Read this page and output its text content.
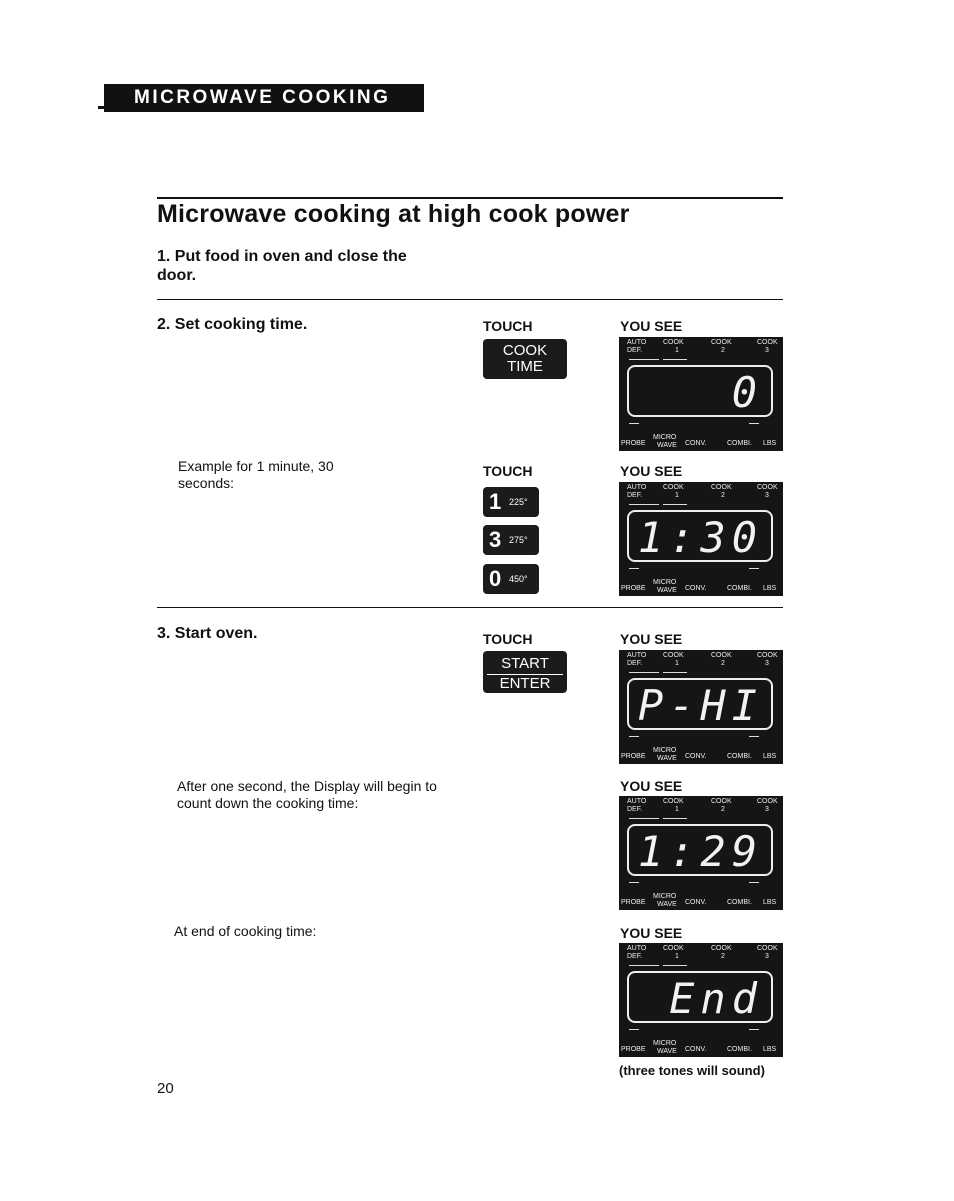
MICROWAVE COOKING
Microwave cooking at high cook power
1. Put food in oven and close the door.
2. Set cooking time.	TOUCH	YOU SEE
COOK
TIME
Example for 1 minute, 30 seconds:
TOUCH	YOU SEE
1 225°
3 275°
0 450°
3. Start oven.	TOUCH	YOU SEE
START
ENTER
After one second, the Display will begin to count down the cooking time:
YOU SEE
At end of cooking time:	YOU SEE
(three tones will sound)
20
AUTO
DEF.
COOK
1
COOK
2
COOK
3
0
PROBE
MICRO
WAVE CONV.	COMBI. LBS
AUTO
DEF.
COOK
1
COOK
2
COOK
3
1:30
PROBE
MICRO
WAVE CONV.	COMBI. LBS
AUTO
DEF.
COOK
1
COOK
2
COOK
3
P-HI
PROBE
MICRO
WAVE CONV.	COMBI. LBS
AUTO
DEF.
COOK
1
COOK
2
COOK
3
1:29
PROBE
MICRO
WAVE CONV.	COMBI. LBS
AUTO
DEF.
COOK
1
COOK
2
COOK
3
End
PROBE
MICRO
WAVE CONV.	COMBI. LBS
